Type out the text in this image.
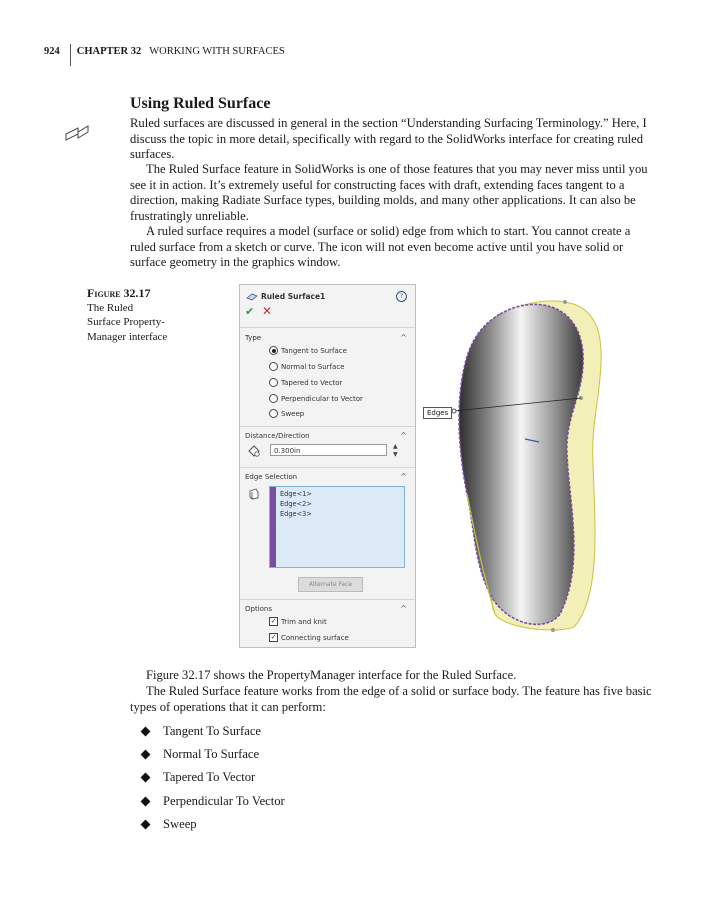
924 CHAPTER 32 WORKING WITH SURFACES
Using Ruled Surface
Ruled surfaces are discussed in general in the section “Understanding Surfacing Terminology.” Here, I discuss the topic in more detail, specifically with regard to the SolidWorks interface for creating ruled surfaces.
The Ruled Surface feature in SolidWorks is one of those features that you may never miss until you see it in action. It’s extremely useful for constructing faces with draft, extending faces tangent to a direction, making Radiate Surface types, building molds, and many other applications. It can also be frustratingly unreliable.
A ruled surface requires a model (surface or solid) edge from which to start. You cannot create a ruled surface from a sketch or curve. The icon will not even become active until you have solid or surface geometry in the graphics window.
Figure 32.17
The Ruled
Surface Property-
Manager interface
Ruled Surface1	?
✔ ✕
Type	^
Tangent to Surface
Normal to Surface
Tapered to Vector
Perpendicular to Vector
Sweep
Distance/Direction	^
0.300in
▲
▼
Edge Selection	^
Edge<1>
Edge<2>
Edge<3>
Alternate Face
Options	^
✓ Trim and knit
✓ Connecting surface
Edges
Figure 32.17 shows the PropertyManager interface for the Ruled Surface.
The Ruled Surface feature works from the edge of a solid or surface body. The feature has five basic types of operations that it can perform:
Tangent To Surface
Normal To Surface
Tapered To Vector
Perpendicular To Vector
Sweep
